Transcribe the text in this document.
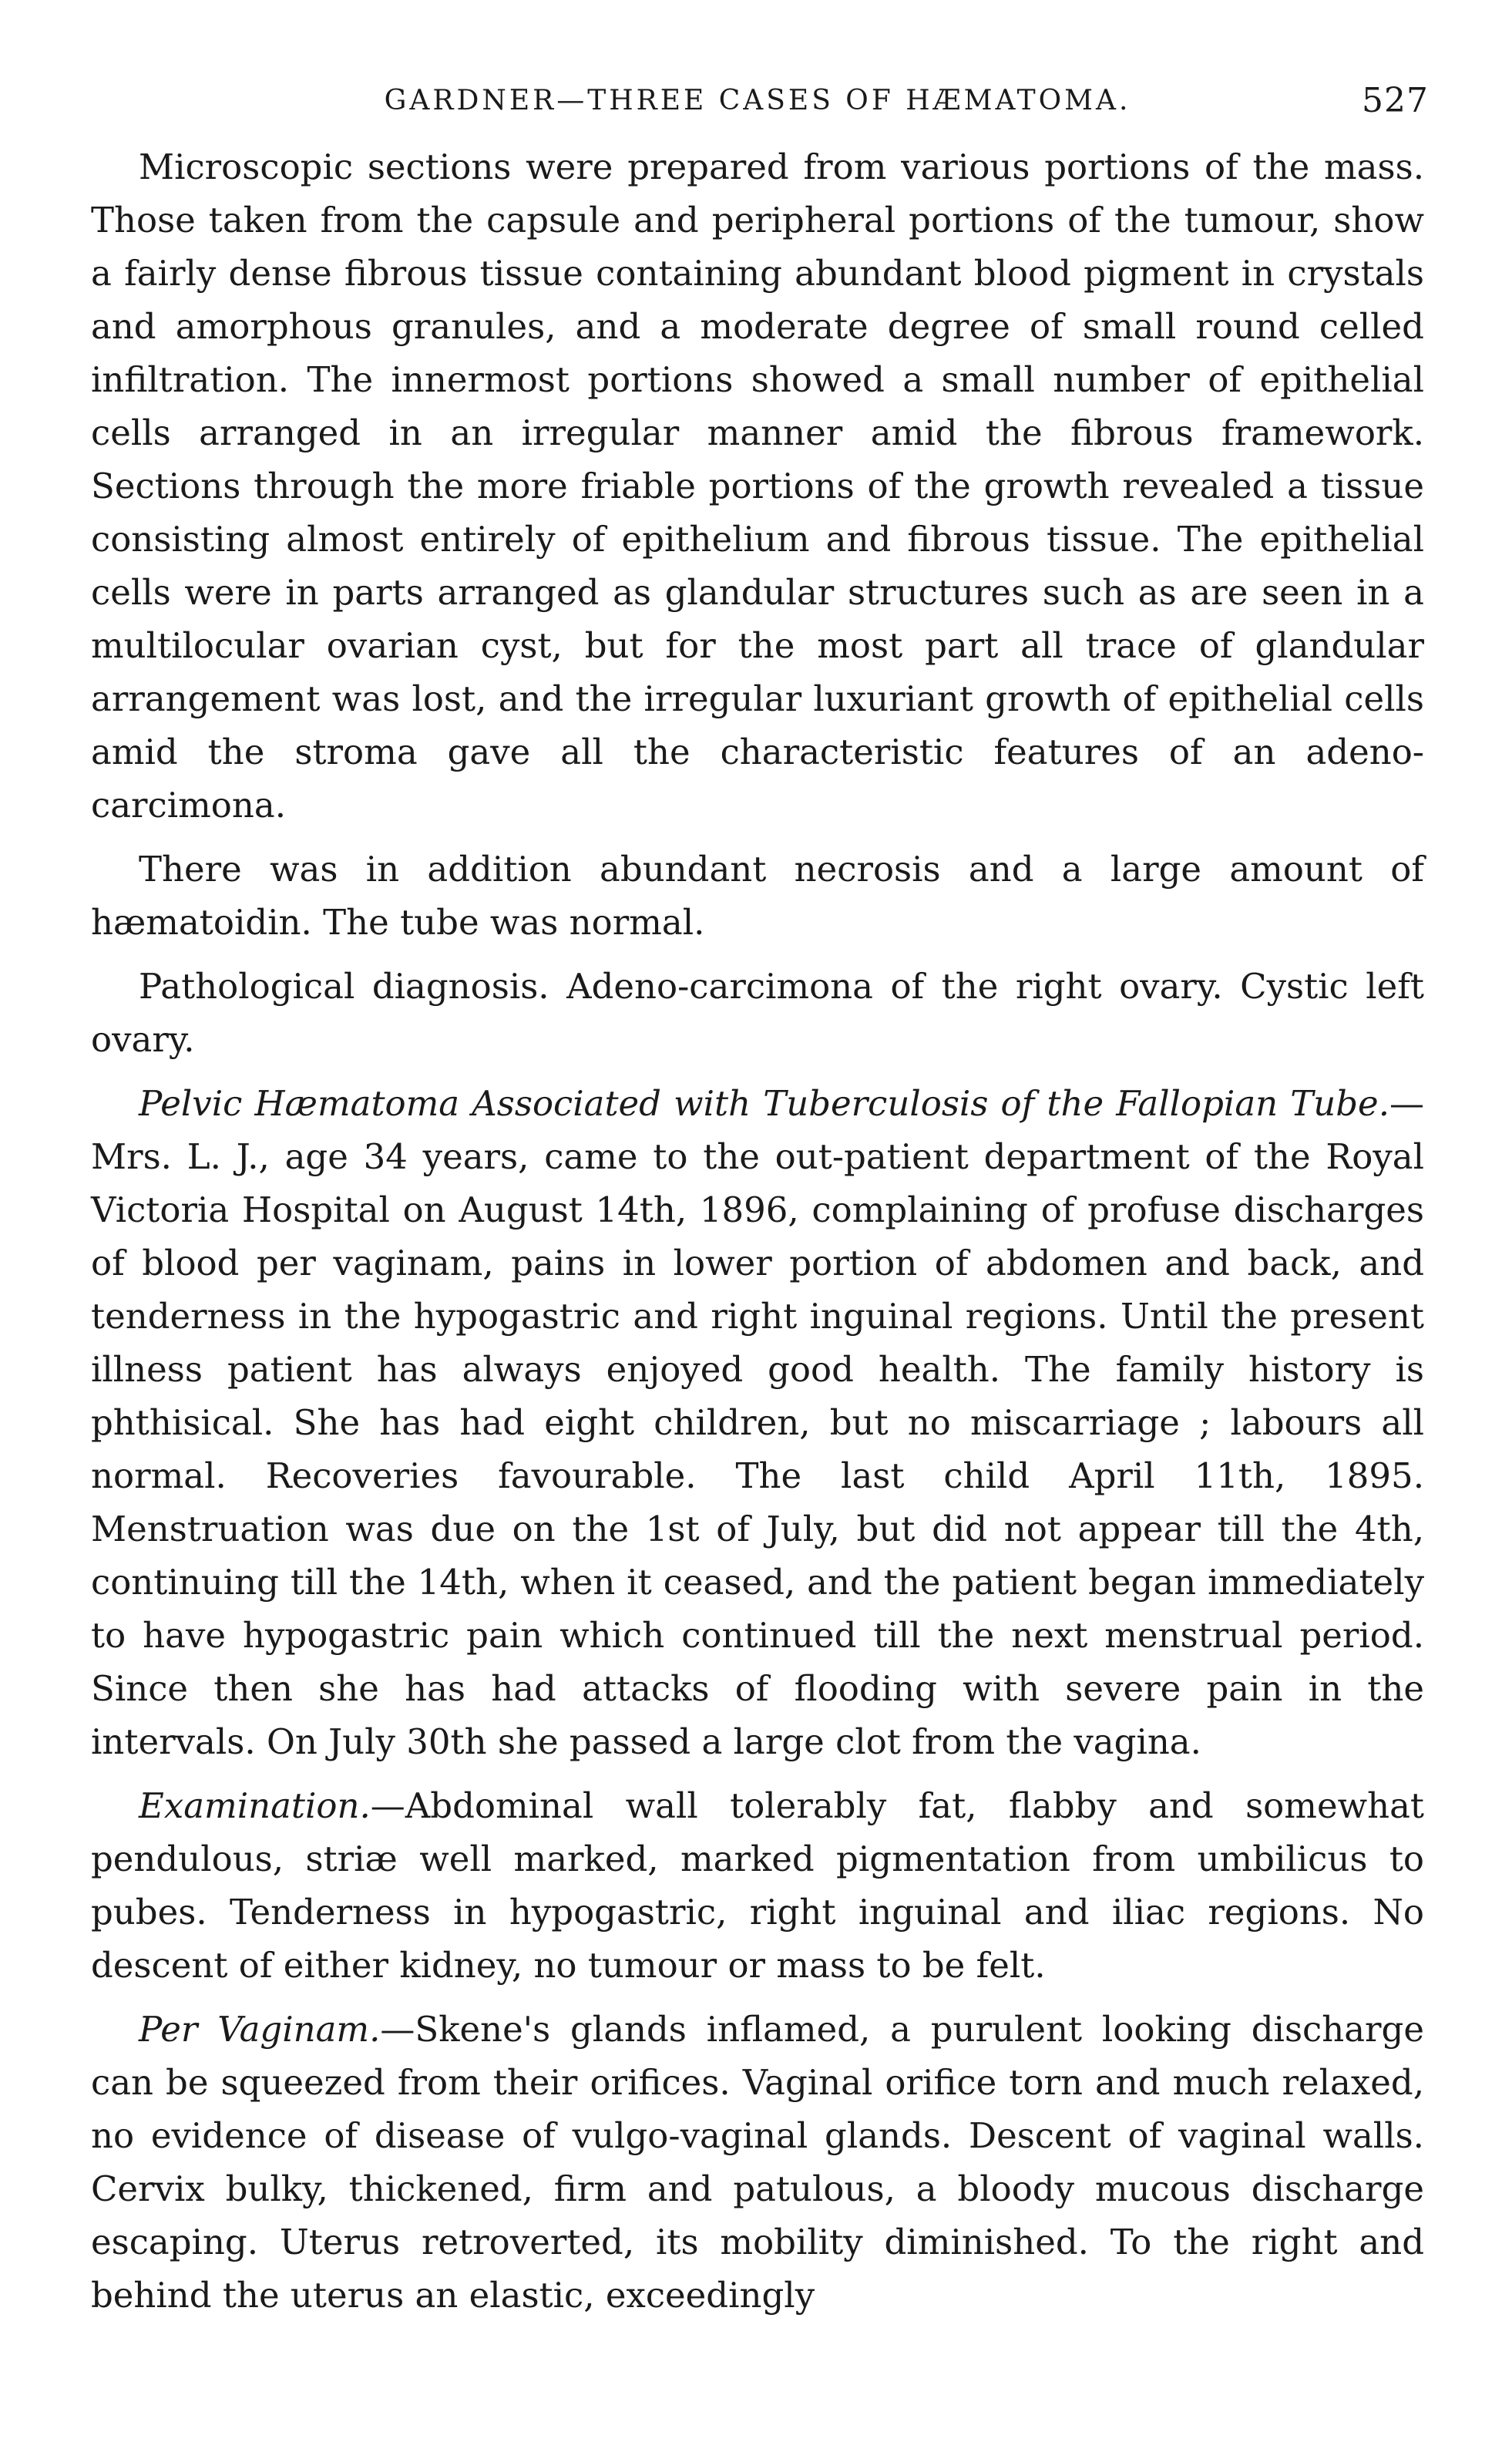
GARDNER—THREE CASES OF HÆMATOMA.	527

Microscopic sections were prepared from various portions of the mass. Those taken from the capsule and peripheral portions of the tumour, show a fairly dense fibrous tissue containing abundant blood pigment in crystals and amorphous granules, and a moderate degree of small round celled infiltration. The innermost portions showed a small number of epithelial cells arranged in an irregular manner amid the fibrous framework. Sections through the more friable portions of the growth revealed a tissue consisting almost entirely of epithelium and fibrous tissue. The epithelial cells were in parts arranged as glandular structures such as are seen in a multilocular ovarian cyst, but for the most part all trace of glandular arrangement was lost, and the irregular luxuriant growth of epithelial cells amid the stroma gave all the characteristic features of an adeno-carcimona.

There was in addition abundant necrosis and a large amount of hæmatoidin. The tube was normal.

Pathological diagnosis. Adeno-carcimona of the right ovary. Cystic left ovary.

Pelvic Hæmatoma Associated with Tuberculosis of the Fallopian Tube.—Mrs. L. J., age 34 years, came to the out-patient department of the Royal Victoria Hospital on August 14th, 1896, complaining of profuse discharges of blood per vaginam, pains in lower portion of abdomen and back, and tenderness in the hypogastric and right inguinal regions. Until the present illness patient has always enjoyed good health. The family history is phthisical. She has had eight children, but no miscarriage ; labours all normal. Recoveries favourable. The last child April 11th, 1895. Menstruation was due on the 1st of July, but did not appear till the 4th, continuing till the 14th, when it ceased, and the patient began immediately to have hypogastric pain which continued till the next menstrual period. Since then she has had attacks of flooding with severe pain in the intervals. On July 30th she passed a large clot from the vagina.

Examination.—Abdominal wall tolerably fat, flabby and somewhat pendulous, striæ well marked, marked pigmentation from umbilicus to pubes. Tenderness in hypogastric, right inguinal and iliac regions. No descent of either kidney, no tumour or mass to be felt.

Per Vaginam.—Skene's glands inflamed, a purulent looking discharge can be squeezed from their orifices. Vaginal orifice torn and much relaxed, no evidence of disease of vulgo-vaginal glands. Descent of vaginal walls. Cervix bulky, thickened, firm and patulous, a bloody mucous discharge escaping. Uterus retroverted, its mobility diminished. To the right and behind the uterus an elastic, exceedingly
